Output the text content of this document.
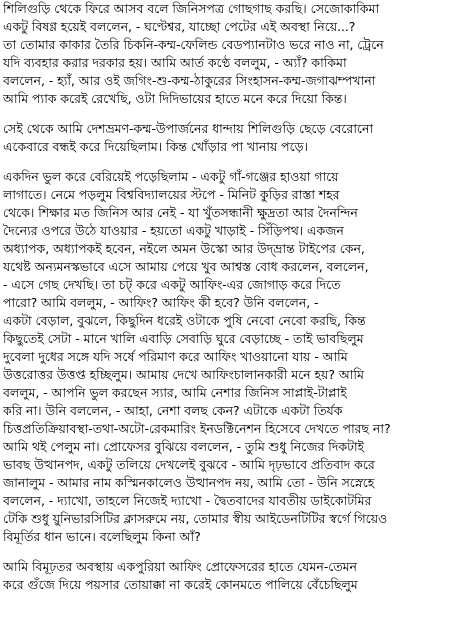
শিলিগুড়ি থেকে ফিরে আসব বলে জিনিসপত্র গোছগাছ করছি। সেজোকাকিমা
একটু বিষণ্ণ হয়েই বললেন, - ঘণ্টেশ্বর, যাচ্ছো পেটের এই অবস্থা নিয়ে...?
তা তোমার কাকার তৈরি চিকনি-কম্ম-ফেলিন্ড বেডপ্যানটাও ভরে নাও না, ট্রেনে
যদি ব্যবহার করার দরকার হয়। আমি আর্ত কণ্ঠে বললুম, - অ্যাঁ? কাকিমা
বললেন, - হ্যাঁ, আর ওই জগিং-শু-কম্ম-ঠাকুরের সিংহাসন-কম্ম-জগাঝম্পখানা
আমি প্যাক করেই রেখেছি, ওটা দিদিভায়ের হাতে মনে করে দিয়ো কিন্ত।
সেই থেকে আমি দেশভ্রমণ-কম্ম-উপার্জনের ধান্দায় শিলিগুড়ি ছেড়ে বেরোনো
একেবারে বন্ধই করে দিয়েছিলাম। কিন্ত খোঁড়ার পা খানায় পড়ে।
একদিন ভুল করে বেরিয়েই পড়েছিলাম - একটু গাঁ-গঞ্জের হাওয়া গায়ে
লাগাতে। নেমে পড়লুম বিশ্ববিদ্যালয়ের স্টপে - মিনিট কুড়ির রাস্তা শহর
থেকে। শিক্ষার মত জিনিস আর নেই - যা খুঁতসন্ধানী ক্ষুদ্রতা আর দৈনন্দিন
দৈন্যের ওপরে উঠে যাওয়ার - হয়তো একটু খাড়াই - সিঁড়িপথ। একজন
অধ্যাপক, অধ্যাপকই হবেন, নইলে অমন উস্কো আর উদ্‌ভ্রান্ত টাইপের কেন,
যথেষ্ট অন্যমনস্কভাবে এসে আমায় পেয়ে খুব আশ্বস্ত বোধ করলেন, বললেন,
- এসে গেছ দেখছি। তা চট্‌ করে একটু আফিং-এর জোগাড় করে দিতে
পারো? আমি বললুম, - আফিং? আফিং কী হবে? উনি বললেন, -
একটা বেড়াল, বুঝলে, কিছুদিন ধরেই ওটাকে পুষি নেবো নেবো করছি, কিন্ত
কিছুতেই সেটা - মানে খালি এবাড়ি সেবাড়ি ঘুরে বেড়াচ্ছে - তাই ভাবছিলুম
দুবেলা দুধের সঙ্গে যদি সর্ষে পরিমাণ করে আফিং খাওয়ানো যায় - আমি
উত্তরোত্তর উত্তপ্ত হচ্ছিলুম। আমায় দেখে আফিংচালানকারী মনে হয়? আমি
বললুম, - আপনি ভুল করছেন স্যার, আমি নেশার জিনিস সাপ্লাই-টাপ্লাই
করি না। উনি বললেন, - আহা, নেশা বলছ কেন? এটাকে একটা তির্যক
চিত্তপ্রতিক্রিয়াবস্থা-তথা-অটো-রেকমারিং ইনডক্টিনেশন হিসেবে দেখতে পারছ না?
আমি থই পেলুম না। প্রোফেসর বুঝিয়ে বললেন, - তুমি শুধু নিজের দিকটাই
ভাবছ উত্থানপদ, একটু তলিয়ে দেখলেই বুঝবে - আমি দৃঢ়ভাবে প্রতিবাদ করে
জানালুম - আমার নাম কস্মিনকালেও উত্থানপদ নয়, আমি তো - উনি সস্নেহে
বললেন, - দ্যাখো, তাহলে নিজেই দ্যাখো - দ্বৈতবাদের যাবতীয় ডাইকোটমির
টেকি শুধু য়ুনিভারসিটির ক্লাসরুমে নয়, তোমার স্বীয় আইডেনটিটির স্বর্গে গিয়েও
বিমূর্তির ধান ভানে। বলেছিলুম কিনা আঁ?
আমি বিমূঢ়তর অবস্থায় একপুরিয়া আফিং প্রোফেসরের হাতে যেমন-তেমন
করে গুঁজে দিয়ে পয়সার তোয়াক্কা না করেই কোনমতে পালিয়ে বেঁচেছিলুম
